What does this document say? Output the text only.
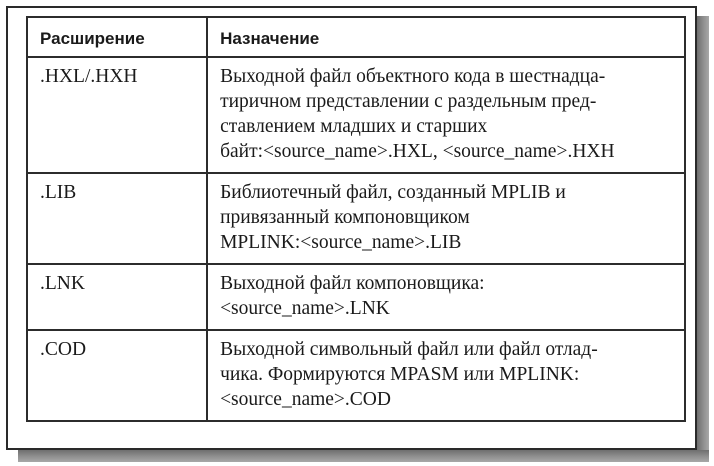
Расширение	Назначение
.HXL/.HXH	Выходной файл объектного кода в шестнадца-
тиричном представлении с раздельным пред-
ставлением младших и старших
байт:<source_name>.HXL, <source_name>.HXH

.LIB	Библиотечный файл, созданный MPLIB и
привязанный компоновщиком
MPLINK:<source_name>.LIB

.LNK	Выходной файл компоновщика:
<source_name>.LNK

.COD	Выходной символьный файл или файл отлад-
чика. Формируются MPASM или MPLINK:
<source_name>.COD
